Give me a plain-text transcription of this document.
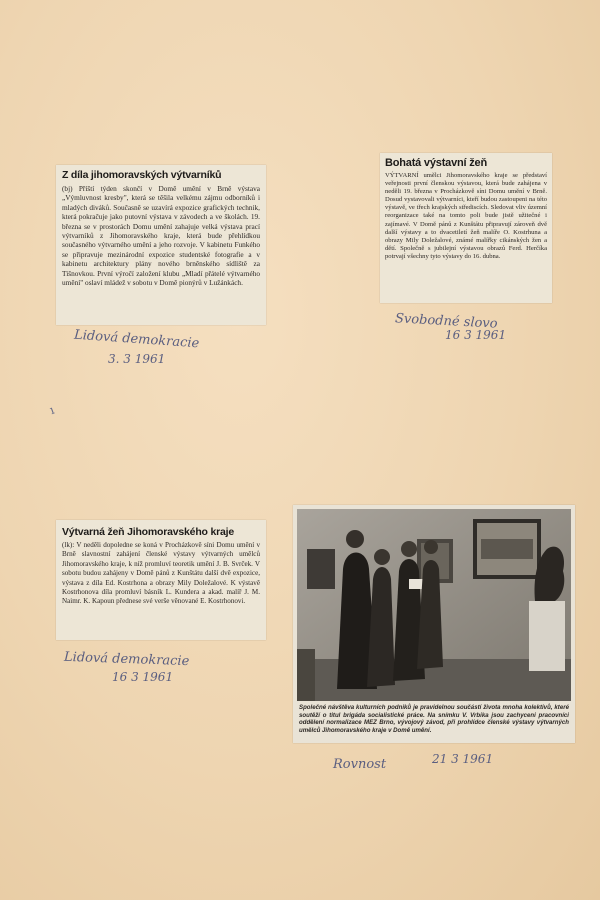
Z díla jihomoravských výtvarníků

(bj) Příští týden skončí v Domě umění v Brně výstava „Výmluvnost kresby", která se těšila velkému zájmu odborníků i mladých diváků. Současně se uzavírá expozice grafických technik, která pokračuje jako putovní výstava v závodech a ve školách. 19. března se v prostorách Domu umění zahajuje velká výstava prací výtvarníků z Jihomoravského kraje, která bude přehlídkou současného výtvarného umění a jeho rozvoje. V kabinetu Funkého se připravuje mezinárodní expozice studentské fotografie a v kabinetu architektury plány nového brněnského sídliště za Tišnovkou. První výročí založení klubu „Mladí přátelé výtvarného umění" oslaví mládež v sobotu v Domě pionýrů v Lužánkách.

Lidová demokracie
3. 3 1961
Bohatá výstavní žeň

VÝTVARNÍ umělci Jihomoravského kraje se představí veřejnosti první členskou výstavou, která bude zahájena v neděli 19. března v Procházkově síni Domu umění v Brně. Dosud vystavovali výtvarníci, kteří budou zastoupeni na této výstavě, ve třech krajských střediscích. Sledovat vliv územní reorganizace také na tomto poli bude jistě užitečné i zajímavé. V Domě pánů z Kunštátu připravují zároveň dvě další výstavy a to dvacetiletí žeň malíře O. Kostrhuna a obrazy Mily Doležalové, známé malířky cikánských žen a dětí. Společně s jubilejní výstavou obrazů Ferd. Herčíka potrvají všechny tyto výstavy do 16. dubna.

Svobodné slovo
16 3 1961
ı
Výtvarná žeň Jihomoravského kraje

(lk): V neděli dopoledne se koná v Procházkově síni Domu umění v Brně slavnostní zahájení členské výstavy výtvarných umělců Jihomoravského kraje, k níž promluví teoretik umění J. B. Svrček. V sobotu budou zahájeny v Domě pánů z Kunštátu další dvě expozice, výstava z díla Ed. Kostrhona a obrazy Mily Doležalové. K výstavě Kostrhonova díla promluví básník L. Kundera a akad. malíř J. M. Naimr. K. Kapoun přednese své verše věnované E. Kostrhonovi.

Lidová demokracie
16 3 1961
Společné návštěva kulturních podniků je pravidelnou součástí života mnoha kolektivů, které soutěží o titul brigáda socialistické práce. Na snímku V. Vrbika jsou zachyceni pracovníci oddělení normalizace MEZ Brno, vývojový závod, při prohlídce členské výstavy výtvarných umělců Jihomoravského kraje v Domě umění.
Rovnost	21 3 1961
